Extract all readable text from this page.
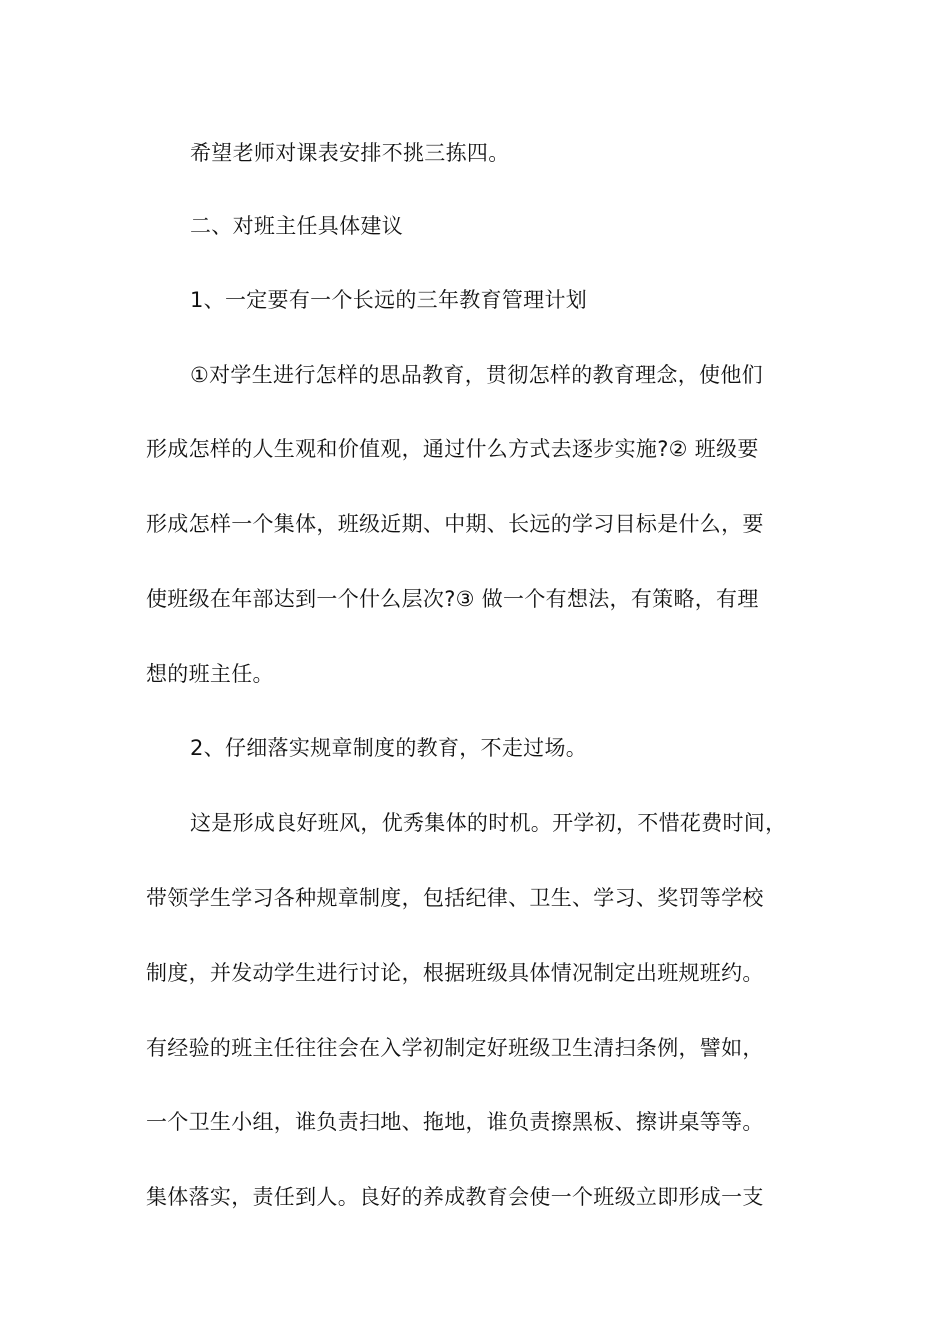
希望老师对课表安排不挑三拣四。
二、对班主任具体建议
1、一定要有一个长远的三年教育管理计划
①对学生进行怎样的思品教育，贯彻怎样的教育理念，使他们
形成怎样的人生观和价值观，通过什么方式去逐步实施?② 班级要
形成怎样一个集体，班级近期、中期、长远的学习目标是什么，要
使班级在年部达到一个什么层次?③ 做一个有想法，有策略，有理
想的班主任。
2、仔细落实规章制度的教育，不走过场。
这是形成良好班风，优秀集体的时机。开学初，不惜花费时间，
带领学生学习各种规章制度，包括纪律、卫生、学习、奖罚等学校
制度，并发动学生进行讨论，根据班级具体情况制定出班规班约。
有经验的班主任往往会在入学初制定好班级卫生清扫条例，譬如，
一个卫生小组，谁负责扫地、拖地，谁负责擦黑板、擦讲桌等等。
集体落实，责任到人。良好的养成教育会使一个班级立即形成一支
